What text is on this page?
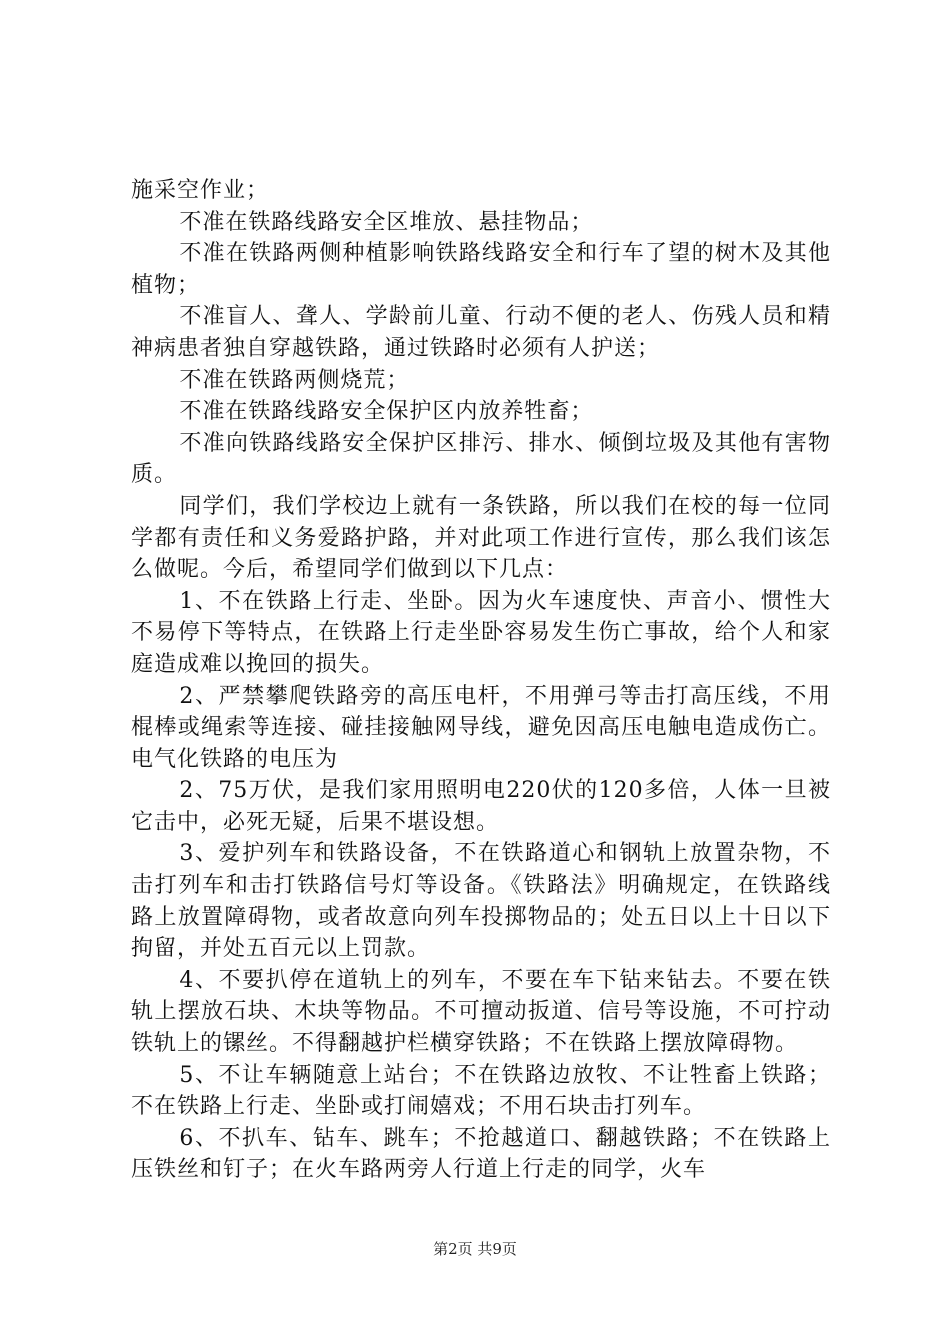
施采空作业；

不准在铁路线路安全区堆放、悬挂物品；

不准在铁路两侧种植影响铁路线路安全和行车了望的树木及其他植物；

不准盲人、聋人、学龄前儿童、行动不便的老人、伤残人员和精神病患者独自穿越铁路，通过铁路时必须有人护送；

不准在铁路两侧烧荒；

不准在铁路线路安全保护区内放养牲畜；

不准向铁路线路安全保护区排污、排水、倾倒垃圾及其他有害物质。

同学们，我们学校边上就有一条铁路，所以我们在校的每一位同学都有责任和义务爱路护路，并对此项工作进行宣传，那么我们该怎么做呢。今后，希望同学们做到以下几点：

1、不在铁路上行走、坐卧。因为火车速度快、声音小、惯性大不易停下等特点，在铁路上行走坐卧容易发生伤亡事故，给个人和家庭造成难以挽回的损失。

2、严禁攀爬铁路旁的高压电杆，不用弹弓等击打高压线，不用棍棒或绳索等连接、碰挂接触网导线，避免因高压电触电造成伤亡。电气化铁路的电压为

2、75万伏，是我们家用照明电220伏的120多倍，人体一旦被它击中，必死无疑，后果不堪设想。

3、爱护列车和铁路设备，不在铁路道心和钢轨上放置杂物，不击打列车和击打铁路信号灯等设备。《铁路法》明确规定，在铁路线路上放置障碍物，或者故意向列车投掷物品的；处五日以上十日以下拘留，并处五百元以上罚款。

4、不要扒停在道轨上的列车，不要在车下钻来钻去。不要在铁轨上摆放石块、木块等物品。不可擅动扳道、信号等设施，不可拧动铁轨上的镙丝。不得翻越护栏横穿铁路；不在铁路上摆放障碍物。

5、不让车辆随意上站台；不在铁路边放牧、不让牲畜上铁路；不在铁路上行走、坐卧或打闹嬉戏；不用石块击打列车。

6、不扒车、钻车、跳车；不抢越道口、翻越铁路；不在铁路上压铁丝和钉子；在火车路两旁人行道上行走的同学，火车

第2页 共9页
